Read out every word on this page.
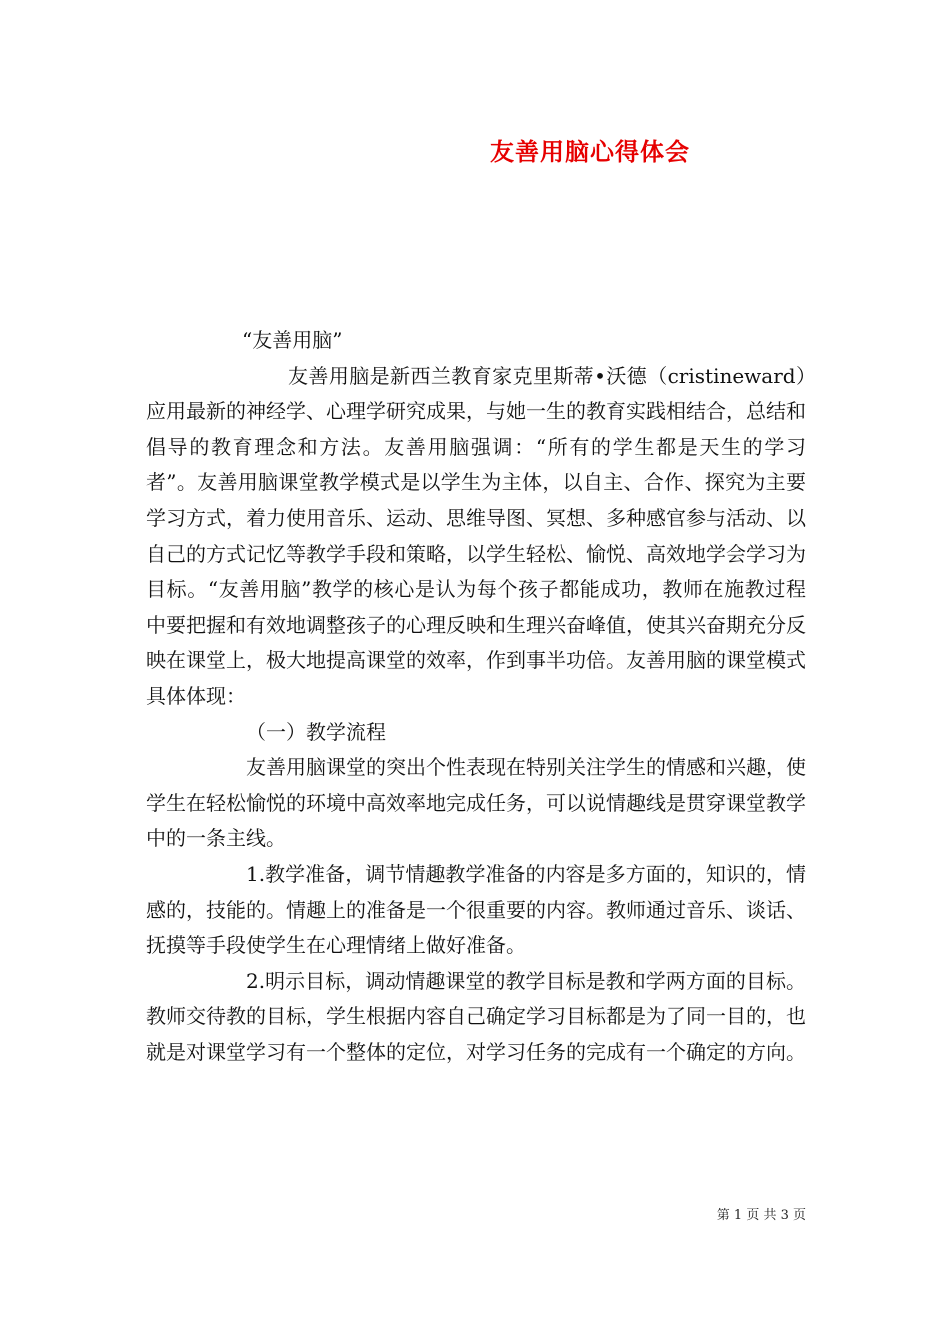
友善用脑心得体会

“友善用脑”

友善用脑是新西兰教育家克里斯蒂•沃德（cristineward）应用最新的神经学、心理学研究成果，与她一生的教育实践相结合，总结和倡导的教育理念和方法。友善用脑强调：“所有的学生都是天生的学习者”。友善用脑课堂教学模式是以学生为主体，以自主、合作、探究为主要学习方式，着力使用音乐、运动、思维导图、冥想、多种感官参与活动、以自己的方式记忆等教学手段和策略，以学生轻松、愉悦、高效地学会学习为目标。“友善用脑”教学的核心是认为每个孩子都能成功，教师在施教过程中要把握和有效地调整孩子的心理反映和生理兴奋峰值，使其兴奋期充分反映在课堂上，极大地提高课堂的效率，作到事半功倍。友善用脑的课堂模式具体体现：

（一）教学流程

友善用脑课堂的突出个性表现在特别关注学生的情感和兴趣，使学生在轻松愉悦的环境中高效率地完成任务，可以说情趣线是贯穿课堂教学中的一条主线。

1.教学准备，调节情趣教学准备的内容是多方面的，知识的，情感的，技能的。情趣上的准备是一个很重要的内容。教师通过音乐、谈话、抚摸等手段使学生在心理情绪上做好准备。

2.明示目标，调动情趣课堂的教学目标是教和学两方面的目标。教师交待教的目标，学生根据内容自己确定学习目标都是为了同一目的，也就是对课堂学习有一个整体的定位，对学习任务的完成有一个确定的方向。

第 1 页 共 3 页
